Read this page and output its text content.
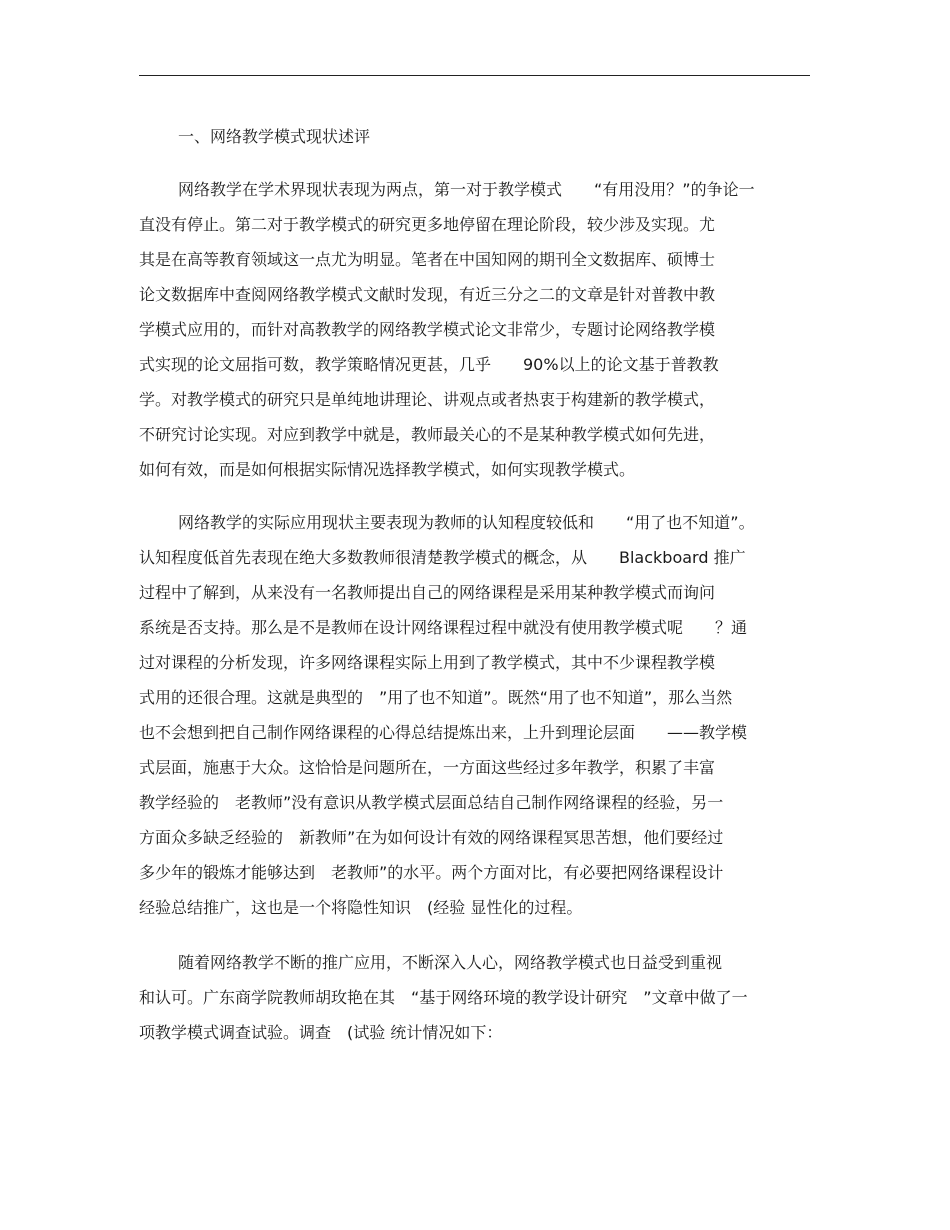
一、网络教学模式现状述评
网络教学在学术界现状表现为两点，第一对于教学模式　　“有用没用？”的争论一
直没有停止。第二对于教学模式的研究更多地停留在理论阶段，较少涉及实现。尤
其是在高等教育领域这一点尤为明显。笔者在中国知网的期刊全文数据库、硕博士
论文数据库中查阅网络教学模式文献时发现，有近三分之二的文章是针对普教中教
学模式应用的，而针对高教教学的网络教学模式论文非常少，专题讨论网络教学模
式实现的论文屈指可数，教学策略情况更甚，几乎　　90%以上的论文基于普教教
学。对教学模式的研究只是单纯地讲理论、讲观点或者热衷于构建新的教学模式，
不研究讨论实现。对应到教学中就是，教师最关心的不是某种教学模式如何先进，
如何有效，而是如何根据实际情况选择教学模式，如何实现教学模式。
网络教学的实际应用现状主要表现为教师的认知程度较低和　　“用了也不知道”。
认知程度低首先表现在绝大多数教师很清楚教学模式的概念，从　　Blackboard 推广
过程中了解到，从来没有一名教师提出自己的网络课程是采用某种教学模式而询问
系统是否支持。那么是不是教师在设计网络课程过程中就没有使用教学模式呢　　？通
过对课程的分析发现，许多网络课程实际上用到了教学模式，其中不少课程教学模
式用的还很合理。这就是典型的　”用了也不知道”。既然“用了也不知道”，那么当然
也不会想到把自己制作网络课程的心得总结提炼出来，上升到理论层面　　——教学模
式层面，施惠于大众。这恰恰是问题所在，一方面这些经过多年教学，积累了丰富
教学经验的　老教师”没有意识从教学模式层面总结自己制作网络课程的经验，另一
方面众多缺乏经验的　新教师”在为如何设计有效的网络课程冥思苦想，他们要经过
多少年的锻炼才能够达到　老教师”的水平。两个方面对比，有必要把网络课程设计
经验总结推广，这也是一个将隐性知识　(经验 显性化的过程。
随着网络教学不断的推广应用，不断深入人心，网络教学模式也日益受到重视
和认可。广东商学院教师胡玫艳在其　“基于网络环境的教学设计研究　”文章中做了一
项教学模式调查试验。调查　(试验 统计情况如下：
